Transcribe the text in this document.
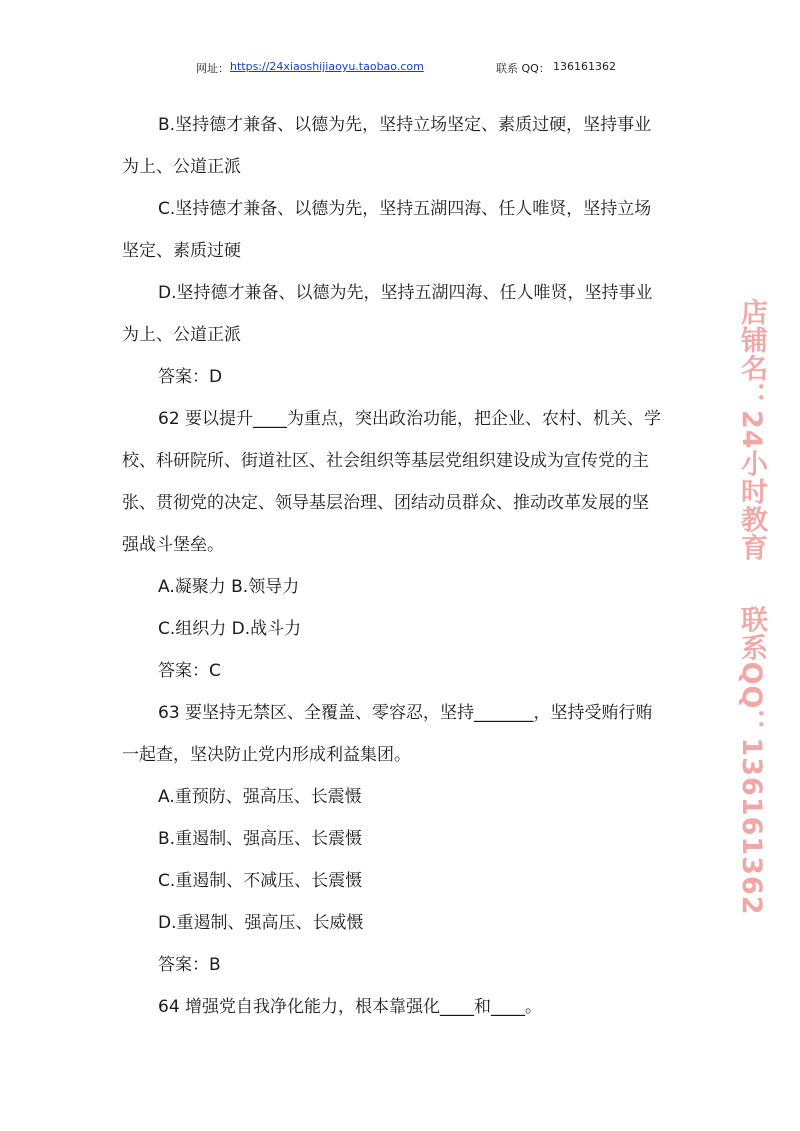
网址： https://24xiaoshijiaoyu.taobao.com	联系 QQ： 136161362

B.坚持德才兼备、以德为先，坚持立场坚定、素质过硬，坚持事业

为上、公道正派

C.坚持德才兼备、以德为先，坚持五湖四海、任人唯贤，坚持立场

坚定、素质过硬

D.坚持德才兼备、以德为先，坚持五湖四海、任人唯贤，坚持事业

为上、公道正派

答案：D

62 要以提升____为重点，突出政治功能，把企业、农村、机关、学

校、科研院所、街道社区、社会组织等基层党组织建设成为宣传党的主

张、贯彻党的决定、领导基层治理、团结动员群众、推动改革发展的坚

强战斗堡垒。

A.凝聚力 B.领导力

C.组织力 D.战斗力

答案：C

63 要坚持无禁区、全覆盖、零容忍，坚持_______，坚持受贿行贿

一起查，坚决防止党内形成利益集团。

A.重预防、强高压、长震慑

B.重遏制、强高压、长震慑

C.重遏制、不减压、长震慑

D.重遏制、强高压、长威慑

答案：B

64 增强党自我净化能力，根本靠强化____和____。

店铺名：24小时教育联系QQ：136161362
